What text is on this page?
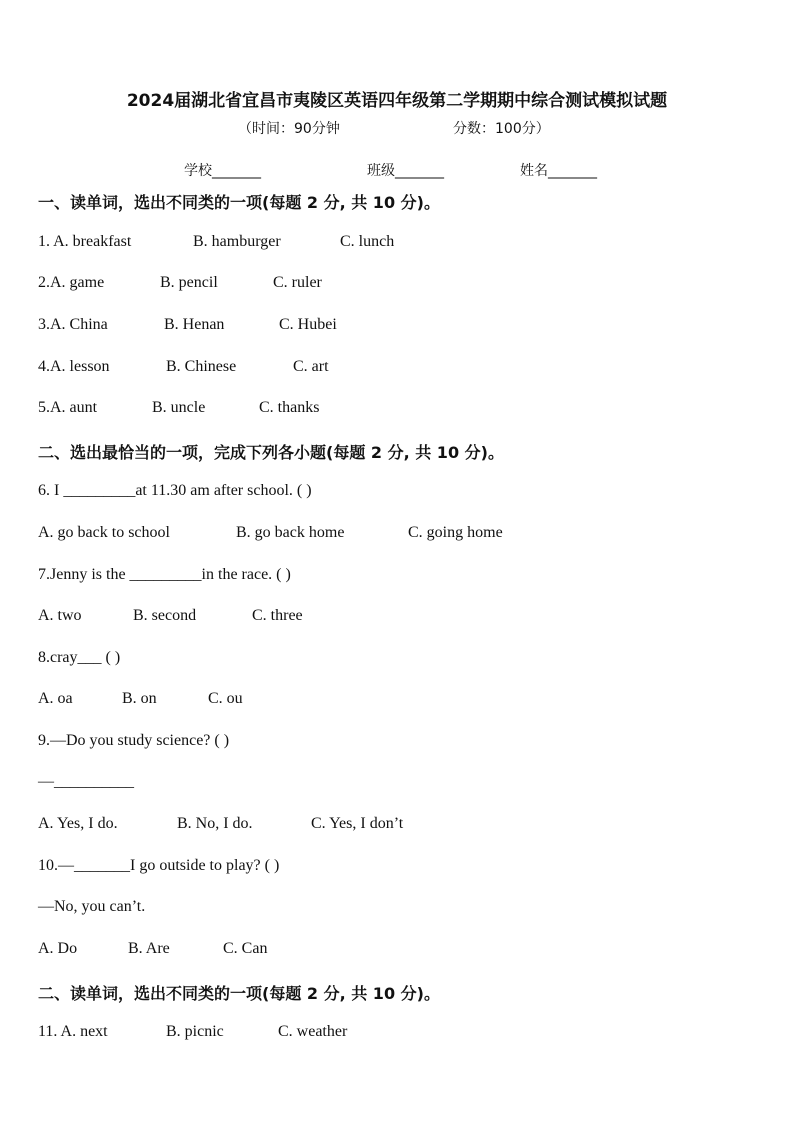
2024届湖北省宜昌市夷陵区英语四年级第二学期期中综合测试模拟试题
（时间：90分钟	分数：100分）
学校_______	班级_______	姓名_______
一、读单词，选出不同类的一项(每题 2 分, 共 10 分)。
1. A. breakfast	B. hamburger	C. lunch
2.A. game	B. pencil	C. ruler
3.A. China	B. Henan	C. Hubei
4.A. lesson	B. Chinese	C. art
5.A. aunt	B. uncle	C. thanks
二、选出最恰当的一项，完成下列各小题(每题 2 分, 共 10 分)。
6. I _________at 11.30 am after school. ( )
A. go back to school	B. go back home	C. going home
7.Jenny is the _________in the race. ( )
A. two	B. second	C. three
8.cray___ ( )
A. oa	B. on	C. ou
9.—Do you study science? ( )
—__________
A. Yes, I do.	B. No, I do.	C. Yes, I don’t
10.—_______I go outside to play? ( )
—No, you can’t.
A. Do	B. Are	C. Can
二、读单词，选出不同类的一项(每题 2 分, 共 10 分)。
11. A. next	B. picnic	C. weather
